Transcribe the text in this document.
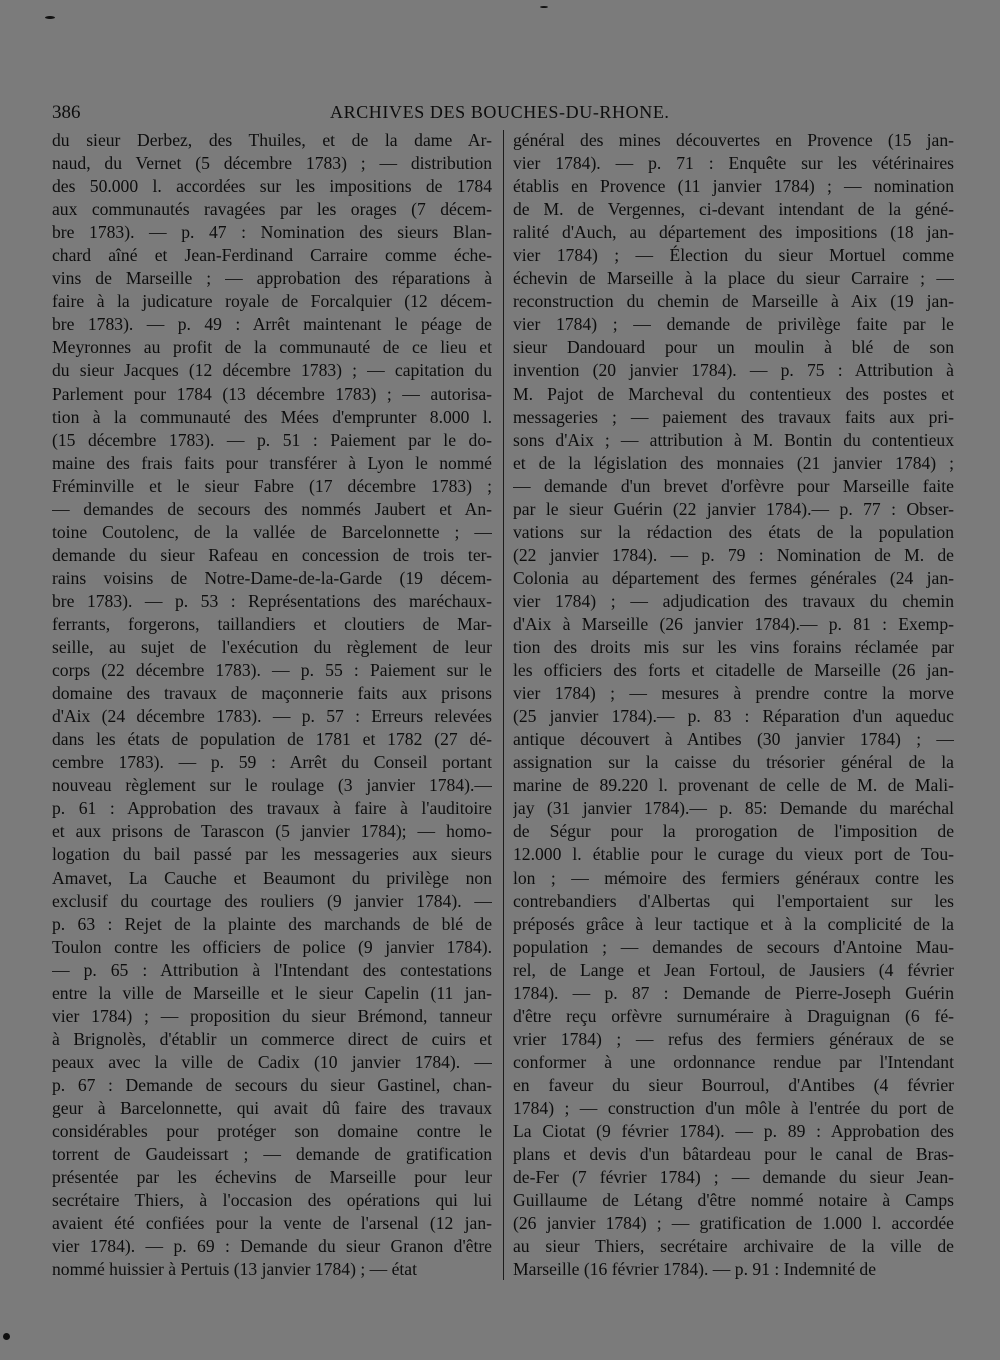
386	ARCHIVES DES BOUCHES-DU-RHONE.
du sieur Derbez, des Thuiles, et de la dame Ar-
naud, du Vernet (5 décembre 1783) ; — distribution
des 50.000 l. accordées sur les impositions de 1784
aux communautés ravagées par les orages (7 décem-
bre 1783). — p. 47 : Nomination des sieurs Blan-
chard aîné et Jean-Ferdinand Carraire comme éche-
vins de Marseille ; — approbation des réparations à
faire à la judicature royale de Forcalquier (12 décem-
bre 1783). — p. 49 : Arrêt maintenant le péage de
Meyronnes au profit de la communauté de ce lieu et
du sieur Jacques (12 décembre 1783) ; — capitation du
Parlement pour 1784 (13 décembre 1783) ; — autorisa-
tion à la communauté des Mées d'emprunter 8.000 l.
(15 décembre 1783). — p. 51 : Paiement par le do-
maine des frais faits pour transférer à Lyon le nommé
Fréminville et le sieur Fabre (17 décembre 1783) ;
— demandes de secours des nommés Jaubert et An-
toine Coutolenc, de la vallée de Barcelonnette ; —
demande du sieur Rafeau en concession de trois ter-
rains voisins de Notre-Dame-de-la-Garde (19 décem-
bre 1783). — p. 53 : Représentations des maréchaux-
ferrants, forgerons, taillandiers et cloutiers de Mar-
seille, au sujet de l'exécution du règlement de leur
corps (22 décembre 1783). — p. 55 : Paiement sur le
domaine des travaux de maçonnerie faits aux prisons
d'Aix (24 décembre 1783). — p. 57 : Erreurs relevées
dans les états de population de 1781 et 1782 (27 dé-
cembre 1783). — p. 59 : Arrêt du Conseil portant
nouveau règlement sur le roulage (3 janvier 1784).—
p. 61 : Approbation des travaux à faire à l'auditoire
et aux prisons de Tarascon (5 janvier 1784); — homo-
logation du bail passé par les messageries aux sieurs
Amavet, La Cauche et Beaumont du privilège non
exclusif du courtage des rouliers (9 janvier 1784). —
p. 63 : Rejet de la plainte des marchands de blé de
Toulon contre les officiers de police (9 janvier 1784).
— p. 65 : Attribution à l'Intendant des contestations
entre la ville de Marseille et le sieur Capelin (11 jan-
vier 1784) ; — proposition du sieur Brémond, tanneur
à Brignolès, d'établir un commerce direct de cuirs et
peaux avec la ville de Cadix (10 janvier 1784). —
p. 67 : Demande de secours du sieur Gastinel, chan-
geur à Barcelonnette, qui avait dû faire des travaux
considérables pour protéger son domaine contre le
torrent de Gaudeissart ; — demande de gratification
présentée par les échevins de Marseille pour leur
secrétaire Thiers, à l'occasion des opérations qui lui
avaient été confiées pour la vente de l'arsenal (12 jan-
vier 1784). — p. 69 : Demande du sieur Granon d'être
nommé huissier à Pertuis (13 janvier 1784) ; — état
général des mines découvertes en Provence (15 jan-
vier 1784). — p. 71 : Enquête sur les vétérinaires
établis en Provence (11 janvier 1784) ; — nomination
de M. de Vergennes, ci-devant intendant de la géné-
ralité d'Auch, au département des impositions (18 jan-
vier 1784) ; — Élection du sieur Mortuel comme
échevin de Marseille à la place du sieur Carraire ; —
reconstruction du chemin de Marseille à Aix (19 jan-
vier 1784) ; — demande de privilège faite par le
sieur Dandouard pour un moulin à blé de son
invention (20 janvier 1784). — p. 75 : Attribution à
M. Pajot de Marcheval du contentieux des postes et
messageries ; — paiement des travaux faits aux pri-
sons d'Aix ; — attribution à M. Bontin du contentieux
et de la législation des monnaies (21 janvier 1784) ;
— demande d'un brevet d'orfèvre pour Marseille faite
par le sieur Guérin (22 janvier 1784).— p. 77 : Obser-
vations sur la rédaction des états de la population
(22 janvier 1784). — p. 79 : Nomination de M. de
Colonia au département des fermes générales (24 jan-
vier 1784) ; — adjudication des travaux du chemin
d'Aix à Marseille (26 janvier 1784).— p. 81 : Exemp-
tion des droits mis sur les vins forains réclamée par
les officiers des forts et citadelle de Marseille (26 jan-
vier 1784) ; — mesures à prendre contre la morve
(25 janvier 1784).— p. 83 : Réparation d'un aqueduc
antique découvert à Antibes (30 janvier 1784) ; —
assignation sur la caisse du trésorier général de la
marine de 89.220 l. provenant de celle de M. de Mali-
jay (31 janvier 1784).— p. 85: Demande du maréchal
de Ségur pour la prorogation de l'imposition de
12.000 l. établie pour le curage du vieux port de Tou-
lon ; — mémoire des fermiers généraux contre les
contrebandiers d'Albertas qui l'emportaient sur les
préposés grâce à leur tactique et à la complicité de la
population ; — demandes de secours d'Antoine Mau-
rel, de Lange et Jean Fortoul, de Jausiers (4 février
1784). — p. 87 : Demande de Pierre-Joseph Guérin
d'être reçu orfèvre surnuméraire à Draguignan (6 fé-
vrier 1784) ; — refus des fermiers généraux de se
conformer à une ordonnance rendue par l'Intendant
en faveur du sieur Bourroul, d'Antibes (4 février
1784) ; — construction d'un môle à l'entrée du port de
La Ciotat (9 février 1784). — p. 89 : Approbation des
plans et devis d'un bâtardeau pour le canal de Bras-
de-Fer (7 février 1784) ; — demande du sieur Jean-
Guillaume de Létang d'être nommé notaire à Camps
(26 janvier 1784) ; — gratification de 1.000 l. accordée
au sieur Thiers, secrétaire archivaire de la ville de
Marseille (16 février 1784). — p. 91 : Indemnité de
